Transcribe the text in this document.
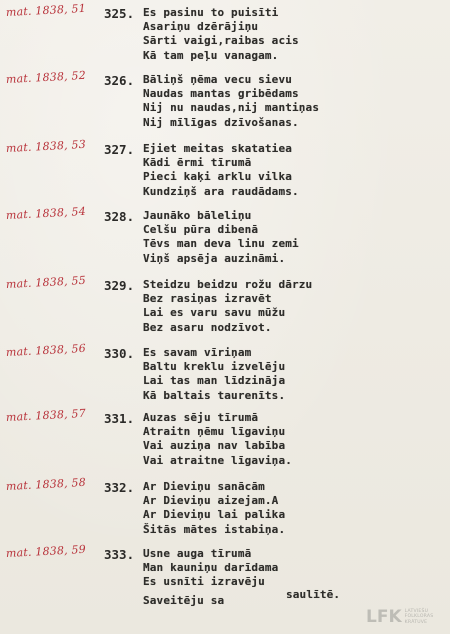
mat. 1838, 51	325. Es pasinu to puisīti
Asariņu dzērājiņu
Sārti vaigi,raibas acis
Kā tam peļu vanagam.
mat. 1838, 52	326. Bāliņš ņēma vecu sievu
Naudas mantas gribēdams
Nij nu naudas,nij mantiņas
Nij mīlīgas dzīvošanas.
mat. 1838, 53	327. Ejiet meitas skatatiea
Kādi ērmi tīrumā
Pieci kaķi arklu vilka
Kundziņš ara raudādams.
mat. 1838, 54	328. Jaunāko bāleliņu
Celšu pūra dibenā
Tēvs man deva linu zemi
Viņš apsēja auzināmi.
mat. 1838, 55	329. Steidzu beidzu rožu dārzu
Bez rasiņas izravēt
Lai es varu savu mūžu
Bez asaru nodzīvot.
mat. 1838, 56	330. Es savam vīriņam
Baltu kreklu izvelēju
Lai tas man līdzināja
Kā baltais taurenīts.
mat. 1838, 57	331. Auzas sēju tīrumā
Atraitn ņēmu līgaviņu
Vai auziņa nav labība
Vai atraitne līgaviņa.
mat. 1838, 58	332. Ar Dieviņu sanācām
Ar Dieviņu aizejam.A
Ar Dieviņu lai palika
Šitās mātes istabiņa.
mat. 1838, 59	333. Usne auga tīrumā
Man kauniņu darīdama
Es usnīti izravēju
Saveitēju sa	saulītē.
LFK LATVIEŠU
FOLKLORAS
KRĀTUVE
